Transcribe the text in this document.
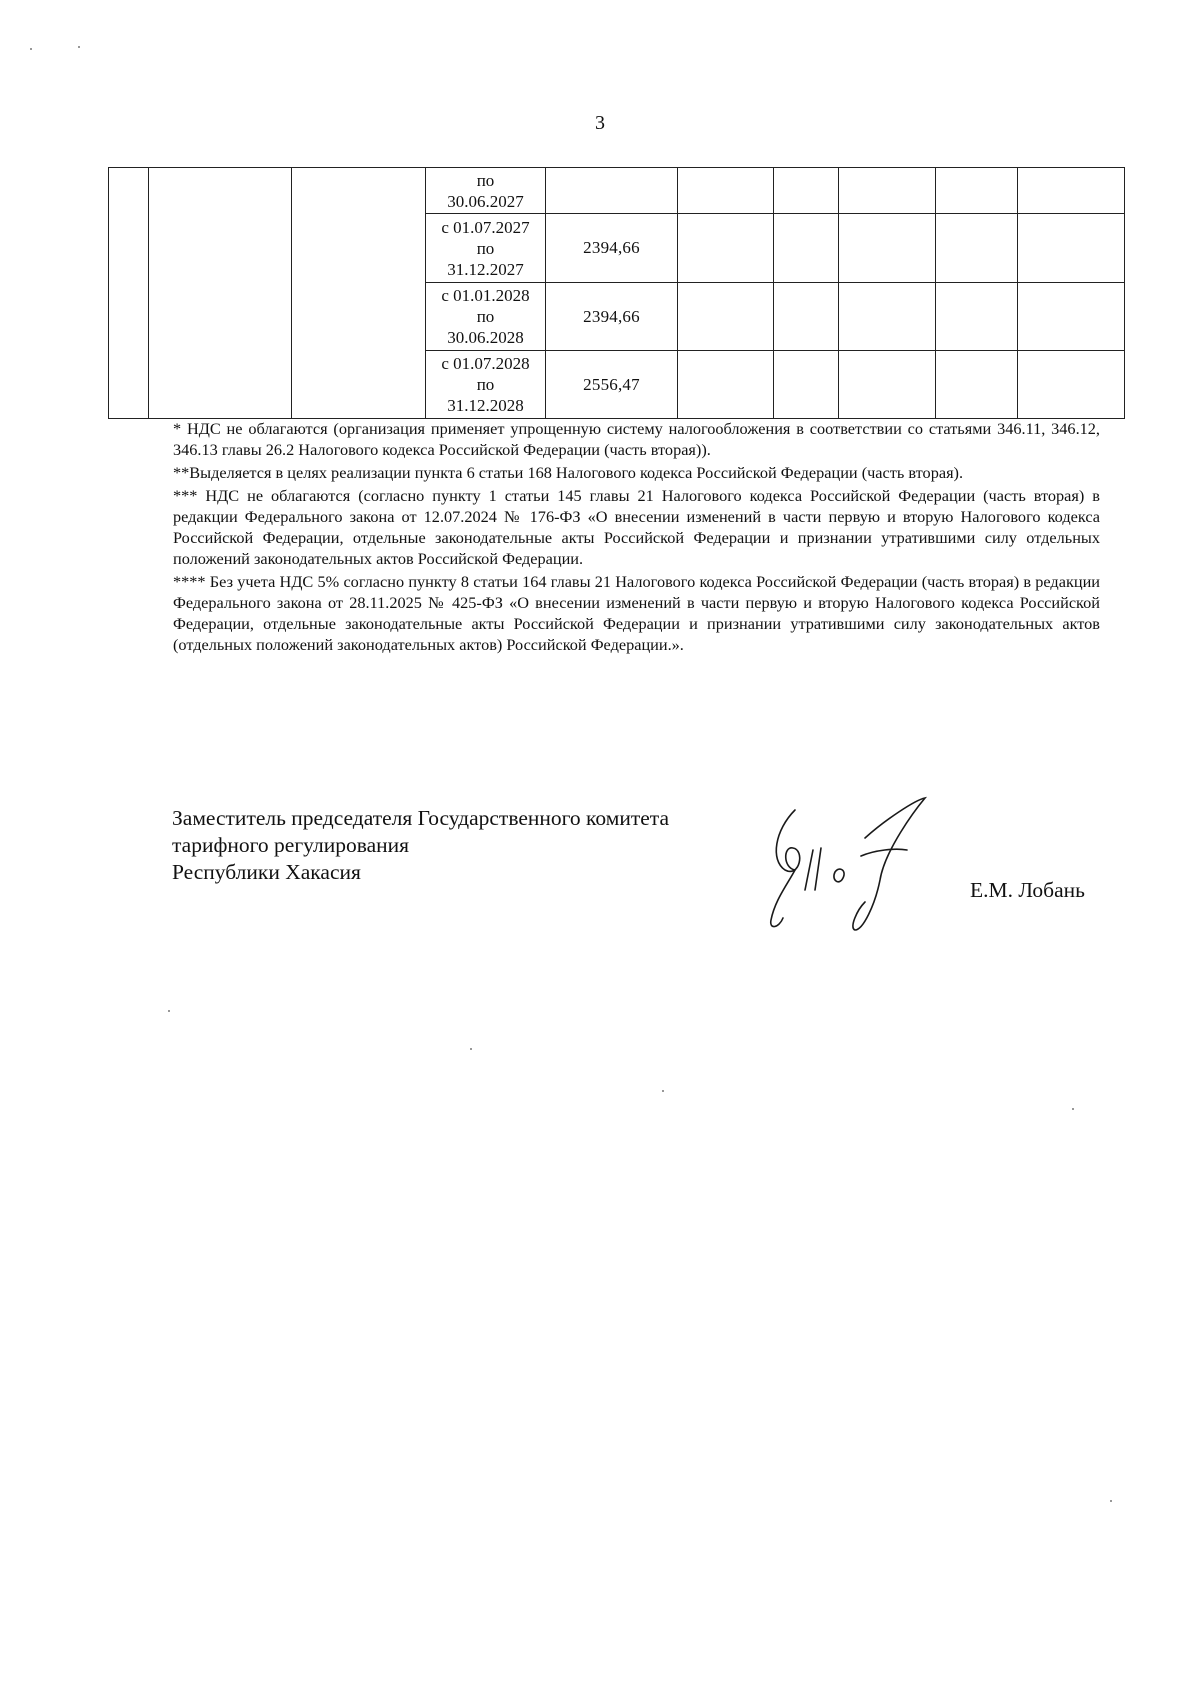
3

			по
30.06.2027						

			с 01.07.2027
по
31.12.2027	2394,66					

			с 01.01.2028
по
30.06.2028	2394,66					

			с 01.07.2028
по
31.12.2028	2556,47					

* НДС не облагаются (организация применяет упрощенную систему налогообложения в соответствии со статьями 346.11, 346.12, 346.13 главы 26.2 Налогового кодекса Российской Федерации (часть вторая)).

**Выделяется в целях реализации пункта 6 статьи 168 Налогового кодекса Российской Федерации (часть вторая).

*** НДС не облагаются (согласно пункту 1 статьи 145 главы 21 Налогового кодекса Российской Федерации (часть вторая) в редакции Федерального закона от 12.07.2024 № 176-ФЗ «О внесении изменений в части первую и вторую Налогового кодекса Российской Федерации, отдельные законодательные акты Российской Федерации и признании утратившими силу отдельных положений законодательных актов Российской Федерации.

**** Без учета НДС 5% согласно пункту 8 статьи 164 главы 21 Налогового кодекса Российской Федерации (часть вторая) в редакции Федерального закона от 28.11.2025 № 425-ФЗ «О внесении изменений в части первую и вторую Налогового кодекса Российской Федерации, отдельные законодательные акты Российской Федерации и признании утратившими силу законодательных актов (отдельных положений законодательных актов) Российской Федерации.».

Заместитель председателя Государственного комитета
тарифного регулирования
Республики Хакасия
Е.М. Лобань
